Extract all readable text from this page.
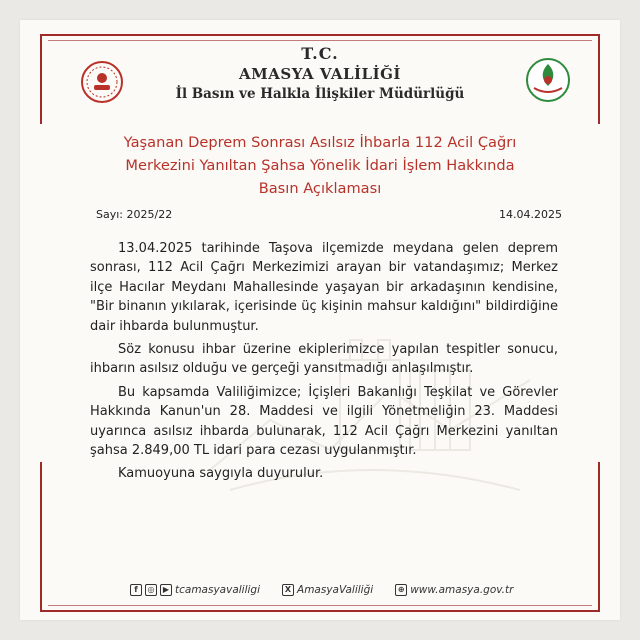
T.C.
AMASYA VALİLİĞİ
İl Basın ve Halkla İlişkiler Müdürlüğü
Yaşanan Deprem Sonrası Asılsız İhbarla 112 Acil Çağrı
Merkezini Yanıltan Şahsa Yönelik İdari İşlem Hakkında
Basın Açıklaması
Sayı: 2025/22	14.04.2025

13.04.2025 tarihinde Taşova ilçemizde meydana gelen deprem sonrası, 112 Acil Çağrı Merkezimizi arayan bir vatandaşımız; Merkez ilçe Hacılar Meydanı Mahallesinde yaşayan bir arkadaşının kendisine, "Bir binanın yıkılarak, içerisinde üç kişinin mahsur kaldığını" bildirdiğine dair ihbarda bulunmuştur.

Söz konusu ihbar üzerine ekiplerimizce yapılan tespitler sonucu, ihbarın asılsız olduğu ve gerçeği yansıtmadığı anlaşılmıştır.

Bu kapsamda Valiliğimizce; İçişleri Bakanlığı Teşkilat ve Görevler Hakkında Kanun'un 28. Maddesi ve ilgili Yönetmeliğin 23. Maddesi uyarınca asılsız ihbarda bulunarak, 112 Acil Çağrı Merkezini yanıltan şahsa 2.849,00 TL idari para cezası uygulanmıştır.

Kamuoyuna saygıyla duyurulur.

f	◎	▶ tcamasyavaliligi	X AmasyaValiliği	⊕ www.amasya.gov.tr
